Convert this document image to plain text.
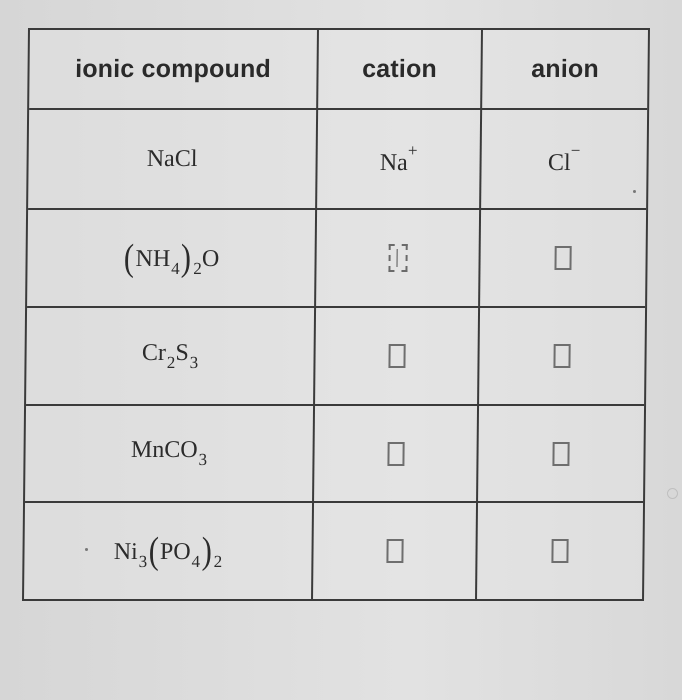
ionic compound	cation	anion
NaCl	Na+	Cl−
$(NH_4)$ $_2$O
$Cr_2S_3$
MnCO$_3$
$Ni_3(PO_4)$ $_2$
